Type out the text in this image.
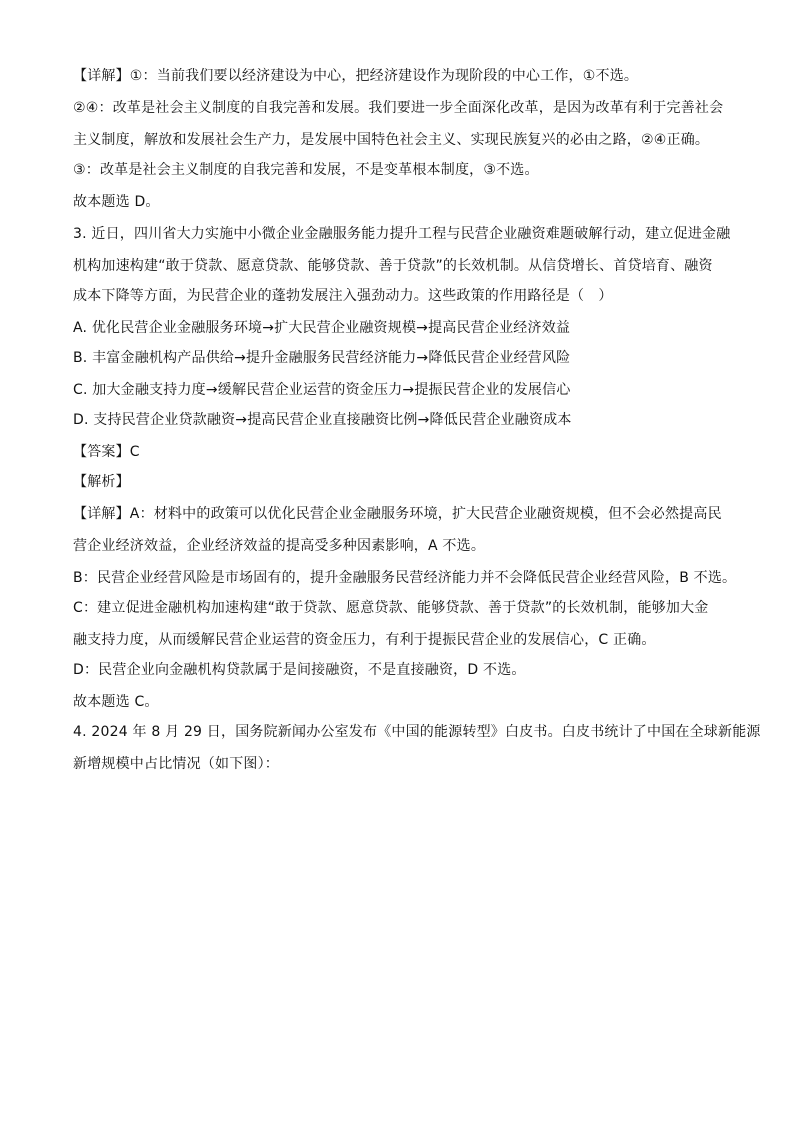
【详解】①：当前我们要以经济建设为中心，把经济建设作为现阶段的中心工作，①不选。
②④：改革是社会主义制度的自我完善和发展。我们要进一步全面深化改革，是因为改革有利于完善社会
主义制度，解放和发展社会生产力，是发展中国特色社会主义、实现民族复兴的必由之路，②④正确。
③：改革是社会主义制度的自我完善和发展，不是变革根本制度，③不选。
故本题选 D。
3. 近日，四川省大力实施中小微企业金融服务能力提升工程与民营企业融资难题破解行动，建立促进金融
机构加速构建“敢于贷款、愿意贷款、能够贷款、善于贷款”的长效机制。从信贷增长、首贷培育、融资
成本下降等方面，为民营企业的蓬勃发展注入强劲动力。这些政策的作用路径是（　）
A. 优化民营企业金融服务环境→扩大民营企业融资规模→提高民营企业经济效益
B. 丰富金融机构产品供给→提升金融服务民营经济能力→降低民营企业经营风险
C. 加大金融支持力度→缓解民营企业运营的资金压力→提振民营企业的发展信心
D. 支持民营企业贷款融资→提高民营企业直接融资比例→降低民营企业融资成本
【答案】C
【解析】
【详解】A：材料中的政策可以优化民营企业金融服务环境，扩大民营企业融资规模，但不会必然提高民
营企业经济效益，企业经济效益的提高受多种因素影响，A 不选。
B：民营企业经营风险是市场固有的，提升金融服务民营经济能力并不会降低民营企业经营风险，B 不选。
C：建立促进金融机构加速构建“敢于贷款、愿意贷款、能够贷款、善于贷款”的长效机制，能够加大金
融支持力度，从而缓解民营企业运营的资金压力，有利于提振民营企业的发展信心，C 正确。
D：民营企业向金融机构贷款属于是间接融资，不是直接融资，D 不选。
故本题选 C。
4. 2024 年 8 月 29 日，国务院新闻办公室发布《中国的能源转型》白皮书。白皮书统计了中国在全球新能源
新增规模中占比情况（如下图）：
